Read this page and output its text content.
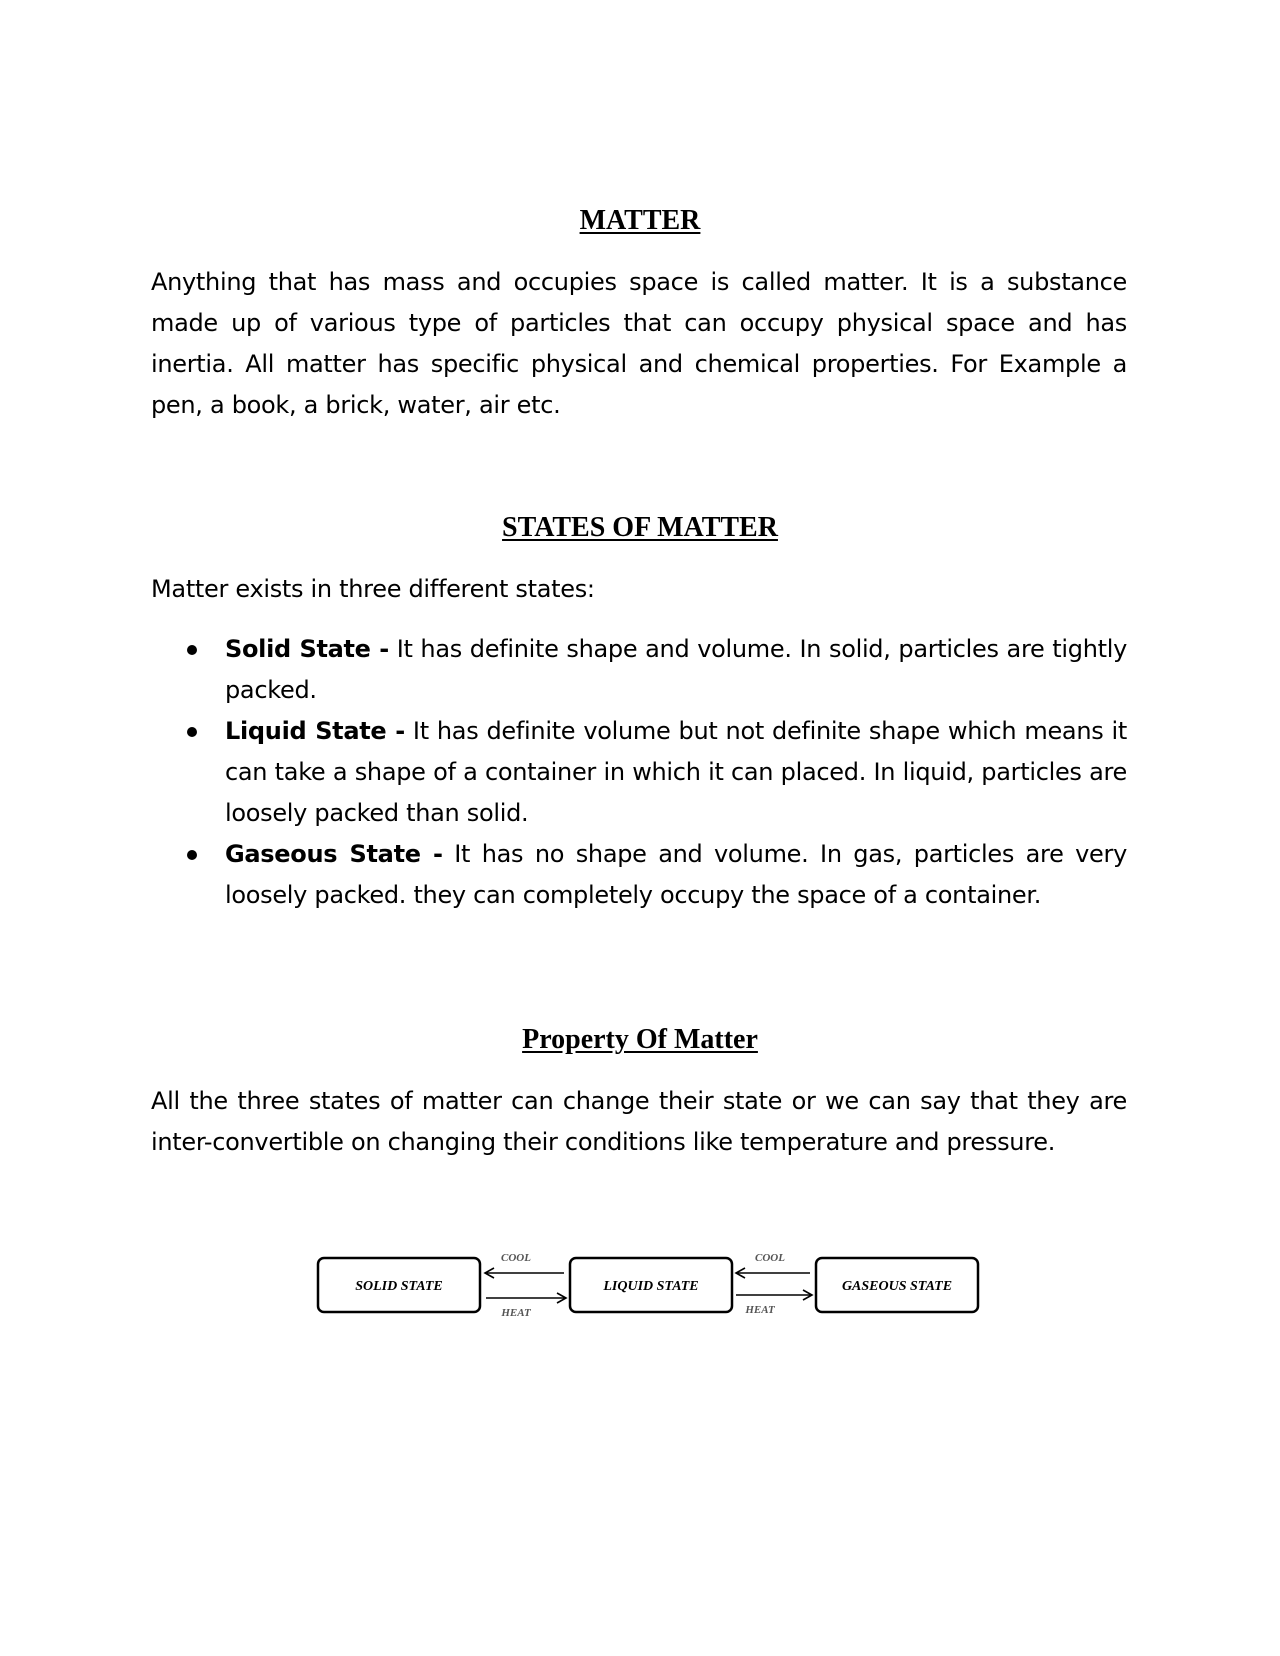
MATTER

Anything that has mass and occupies space is called matter. It is a substance made up of various type of particles that can occupy physical space and has inertia. All matter has specific physical and chemical properties. For Example a pen, a book, a brick, water, air etc.

STATES OF MATTER

Matter exists in three different states:

Solid State - It has definite shape and volume. In solid, particles are tightly packed.
Liquid State - It has definite volume but not definite shape which means it can take a shape of a container in which it can placed. In liquid, particles are loosely packed than solid.
Gaseous State - It has no shape and volume. In gas, particles are very loosely packed. they can completely occupy the space of a container.
Property Of Matter

All the three states of matter can change their state or we can say that they are inter-convertible on changing their conditions like temperature and pressure.

SOLID STATE	LIQUID STATE	GASEOUS STATE
COOL
HEAT
COOL
HEAT
